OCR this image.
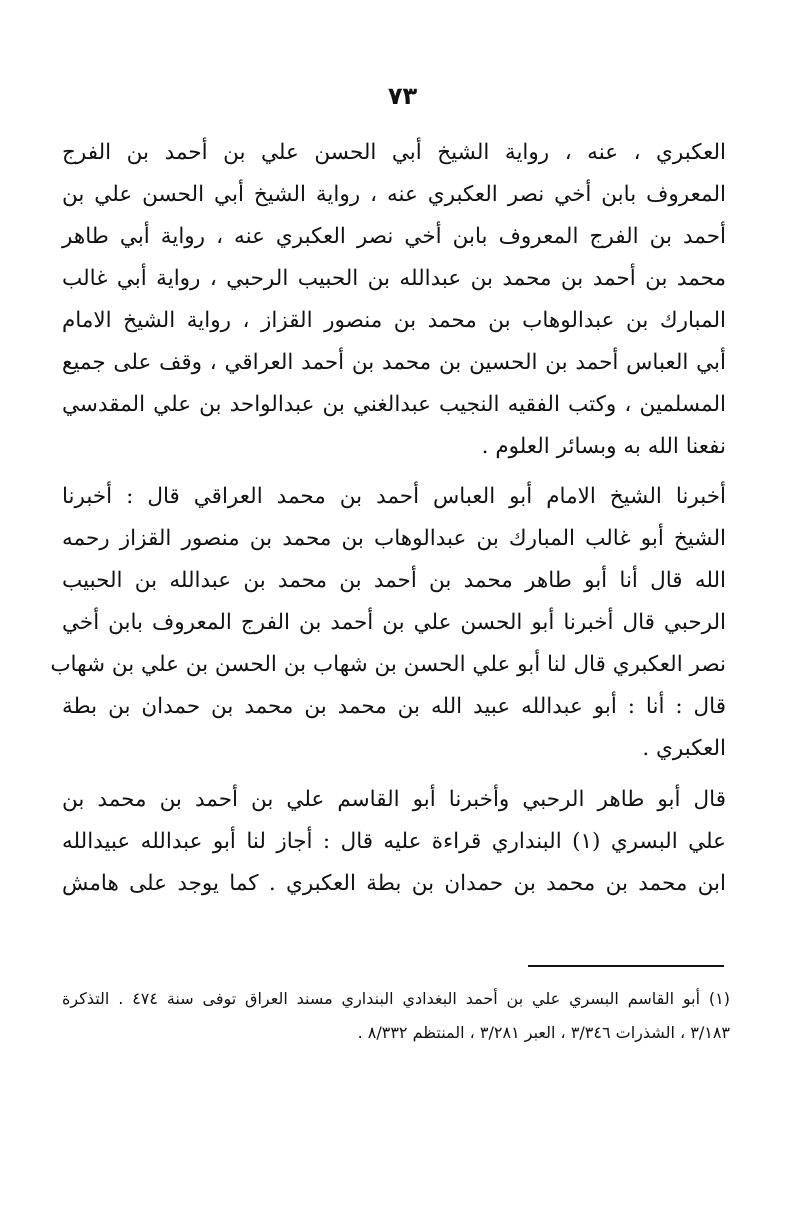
٧٣
العكبري ، عنه ، رواية الشيخ أبي الحسن علي بن أحمد بن الفرج
المعروف بابن أخي نصر العكبري عنه ، رواية الشيخ أبي الحسن علي بن
أحمد بن الفرج المعروف بابن أخي نصر العكبري عنه ، رواية أبي طاهر
محمد بن أحمد بن محمد بن عبدالله بن الحبيب الرحبي ، رواية أبي غالب
المبارك بن عبدالوهاب بن محمد بن منصور القزاز ، رواية الشيخ الامام
أبي العباس أحمد بن الحسين بن محمد بن أحمد العراقي ، وقف على جميع
المسلمين ، وكتب الفقيه النجيب عبدالغني بن عبدالواحد بن علي المقدسي
نفعنا الله به وبسائر العلوم .
أخبرنا الشيخ الامام أبو العباس أحمد بن محمد العراقي قال : أخبرنا
الشيخ أبو غالب المبارك بن عبدالوهاب بن محمد بن منصور القزاز رحمه
الله قال أنا أبو طاهر محمد بن أحمد بن محمد بن عبدالله بن الحبيب
الرحبي قال أخبرنا أبو الحسن علي بن أحمد بن الفرج المعروف بابن أخي
نصر العكبري قال لنا أبو علي الحسن بن شهاب بن الحسن بن علي بن شهاب
قال : أنا : أبو عبدالله عبيد الله بن محمد بن محمد بن حمدان بن بطة
العكبري .
قال أبو طاهر الرحبي وأخبرنا أبو القاسم علي بن أحمد بن محمد بن
علي البسري (١) البنداري قراءة عليه قال : أجاز لنا أبو عبدالله عبيدالله
ابن محمد بن محمد بن حمدان بن بطة العكبري . كما يوجد على هامش
(١) أبو القاسم البسري علي بن أحمد البغدادي البنداري مسند العراق توفى سنة ٤٧٤ . التذكرة
٣/١٨٣ ، الشذرات ٣/٣٤٦ ، العبر ٣/٢٨١ ، المنتظم ٨/٣٣٢ .
